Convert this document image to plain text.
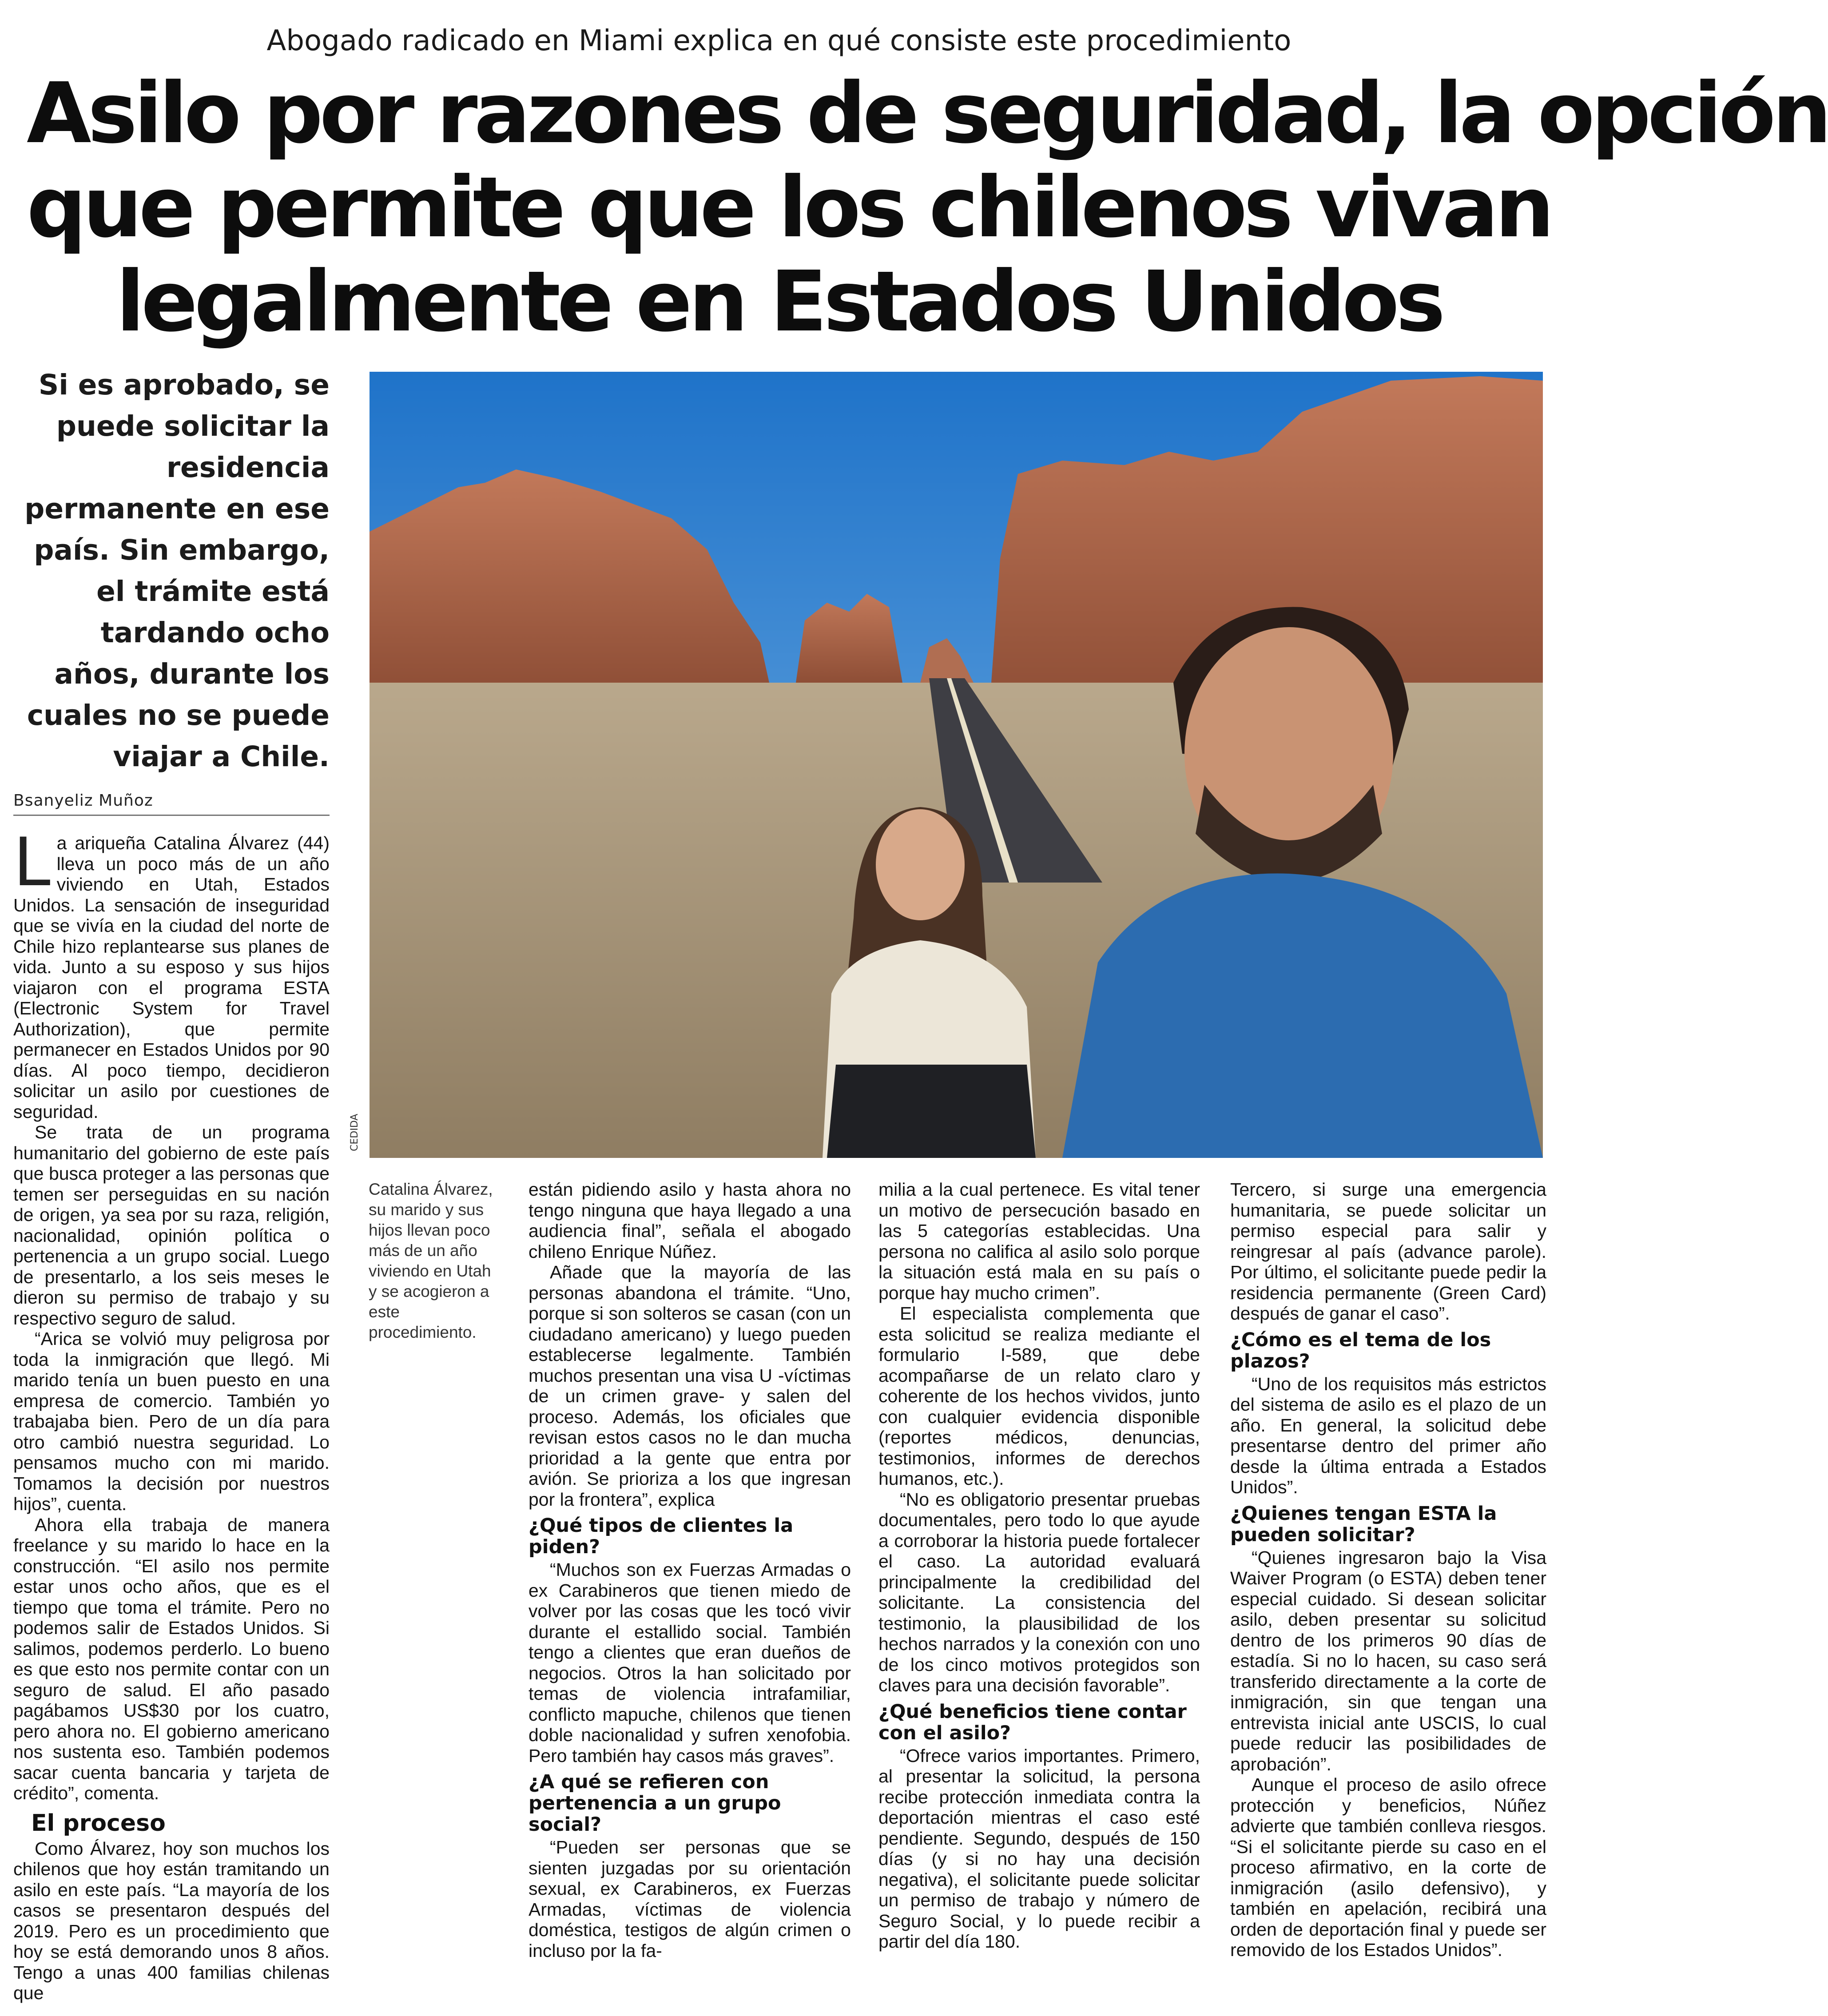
Abogado radicado en Miami explica en qué consiste este procedimiento
Asilo por razones de seguridad, la opción
que permite que los chilenos vivan
legalmente en Estados Unidos
Si es aprobado, se puede solicitar la residencia permanente en ese país. Sin embargo, el trámite está tardando ocho años, durante los cuales no se puede viajar a Chile.
Bsanyeliz Muñoz
CEDIDA
Catalina Álvarez, su marido y sus hijos llevan poco más de un año viviendo en Utah y se acogieron a este procedimiento.

La ariqueña Catalina Álvarez (44) lleva un poco más de un año viviendo en Utah, Estados Unidos. La sensación de inseguridad que se vivía en la ciudad del norte de Chile hizo replantearse sus planes de vida. Junto a su esposo y sus hijos viajaron con el programa ESTA (Electronic System for Travel Authorization), que permite permanecer en Estados Unidos por 90 días. Al poco tiempo, decidieron solicitar un asilo por cuestiones de seguridad.

Se trata de un programa humanitario del gobierno de este país que busca proteger a las personas que temen ser perseguidas en su nación de origen, ya sea por su raza, religión, nacionalidad, opinión política o pertenencia a un grupo social. Luego de presentarlo, a los seis meses le dieron su permiso de trabajo y su respectivo seguro de salud.

“Arica se volvió muy peligrosa por toda la inmigración que llegó. Mi marido tenía un buen puesto en una empresa de comercio. También yo trabajaba bien. Pero de un día para otro cambió nuestra seguridad. Lo pensamos mucho con mi marido. Tomamos la decisión por nuestros hijos”, cuenta.

Ahora ella trabaja de manera freelance y su marido lo hace en la construcción. “El asilo nos permite estar unos ocho años, que es el tiempo que toma el trámite. Pero no podemos salir de Estados Unidos. Si salimos, podemos perderlo. Lo bueno es que esto nos permite contar con un seguro de salud. El año pasado pagábamos US$30 por los cuatro, pero ahora no. El gobierno americano nos sustenta eso. También podemos sacar cuenta bancaria y tarjeta de crédito”, comenta.

El proceso

Como Álvarez, hoy son muchos los chilenos que hoy están tramitando un asilo en este país. “La mayoría de los casos se presentaron después del 2019. Pero es un procedimiento que hoy se está demorando unos 8 años. Tengo a unas 400 familias chilenas que

están pidiendo asilo y hasta ahora no tengo ninguna que haya llegado a una audiencia final”, señala el abogado chileno Enrique Núñez.

Añade que la mayoría de las personas abandona el trámite. “Uno, porque si son solteros se casan (con un ciudadano americano) y luego pueden establecerse legalmente. También muchos presentan una visa U -víctimas de un crimen grave- y salen del proceso. Además, los oficiales que revisan estos casos no le dan mucha prioridad a la gente que entra por avión. Se prioriza a los que ingresan por la frontera”, explica

¿Qué tipos de clientes la piden?

“Muchos son ex Fuerzas Armadas o ex Carabineros que tienen miedo de volver por las cosas que les tocó vivir durante el estallido social. También tengo a clientes que eran dueños de negocios. Otros la han solicitado por temas de violencia intrafamiliar, conflicto mapuche, chilenos que tienen doble nacionalidad y sufren xenofobia. Pero también hay casos más graves”.

¿A qué se refieren con pertenencia a un grupo social?

“Pueden ser personas que se sienten juzgadas por su orientación sexual, ex Carabineros, ex Fuerzas Armadas, víctimas de violencia doméstica, testigos de algún crimen o incluso por la fa-

milia a la cual pertenece. Es vital tener un motivo de persecución basado en las 5 categorías establecidas. Una persona no califica al asilo solo porque la situación está mala en su país o porque hay mucho crimen”.

El especialista complementa que esta solicitud se realiza mediante el formulario I-589, que debe acompañarse de un relato claro y coherente de los hechos vividos, junto con cualquier evidencia disponible (reportes médicos, denuncias, testimonios, informes de derechos humanos, etc.).

“No es obligatorio presentar pruebas documentales, pero todo lo que ayude a corroborar la historia puede fortalecer el caso. La autoridad evaluará principalmente la credibilidad del solicitante. La consistencia del testimonio, la plausibilidad de los hechos narrados y la conexión con uno de los cinco motivos protegidos son claves para una decisión favorable”.

¿Qué beneficios tiene contar con el asilo?

“Ofrece varios importantes. Primero, al presentar la solicitud, la persona recibe protección inmediata contra la deportación mientras el caso esté pendiente. Segundo, después de 150 días (y si no hay una decisión negativa), el solicitante puede solicitar un permiso de trabajo y número de Seguro Social, y lo puede recibir a partir del día 180.

Tercero, si surge una emergencia humanitaria, se puede solicitar un permiso especial para salir y reingresar al país (advance parole). Por último, el solicitante puede pedir la residencia permanente (Green Card) después de ganar el caso”.

¿Cómo es el tema de los plazos?

“Uno de los requisitos más estrictos del sistema de asilo es el plazo de un año. En general, la solicitud debe presentarse dentro del primer año desde la última entrada a Estados Unidos”.

¿Quienes tengan ESTA la pueden solicitar?

“Quienes ingresaron bajo la Visa Waiver Program (o ESTA) deben tener especial cuidado. Si desean solicitar asilo, deben presentar su solicitud dentro de los primeros 90 días de estadía. Si no lo hacen, su caso será transferido directamente a la corte de inmigración, sin que tengan una entrevista inicial ante USCIS, lo cual puede reducir las posibilidades de aprobación”.

Aunque el proceso de asilo ofrece protección y beneficios, Núñez advierte que también conlleva riesgos. “Si el solicitante pierde su caso en el proceso afirmativo, en la corte de inmigración (asilo defensivo), y también en apelación, recibirá una orden de deportación final y puede ser removido de los Estados Unidos”.
